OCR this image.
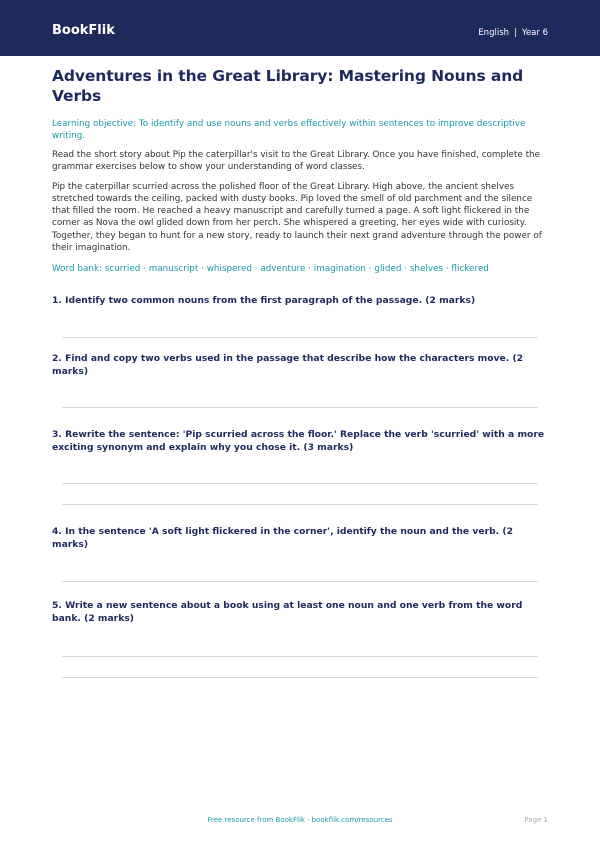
BookFlik	English | Year 6
Adventures in the Great Library: Mastering Nouns and Verbs
Learning objective: To identify and use nouns and verbs effectively within sentences to improve descriptive writing.

Read the short story about Pip the caterpillar's visit to the Great Library. Once you have finished, complete the grammar exercises below to show your understanding of word classes.

Pip the caterpillar scurried across the polished floor of the Great Library. High above, the ancient shelves stretched towards the ceiling, packed with dusty books. Pip loved the smell of old parchment and the silence that filled the room. He reached a heavy manuscript and carefully turned a page. A soft light flickered in the corner as Nova the owl glided down from her perch. She whispered a greeting, her eyes wide with curiosity. Together, they began to hunt for a new story, ready to launch their next grand adventure through the power of their imagination.

Word bank: scurried · manuscript · whispered · adventure · imagination · glided · shelves · flickered
1. Identify two common nouns from the first paragraph of the passage. (2 marks)
2. Find and copy two verbs used in the passage that describe how the characters move. (2 marks)
3. Rewrite the sentence: 'Pip scurried across the floor.' Replace the verb 'scurried' with a more exciting synonym and explain why you chose it. (3 marks)
4. In the sentence 'A soft light flickered in the corner', identify the noun and the verb. (2 marks)
5. Write a new sentence about a book using at least one noun and one verb from the word bank. (2 marks)
Free resource from BookFlik · bookflik.com/resources	Page 1
